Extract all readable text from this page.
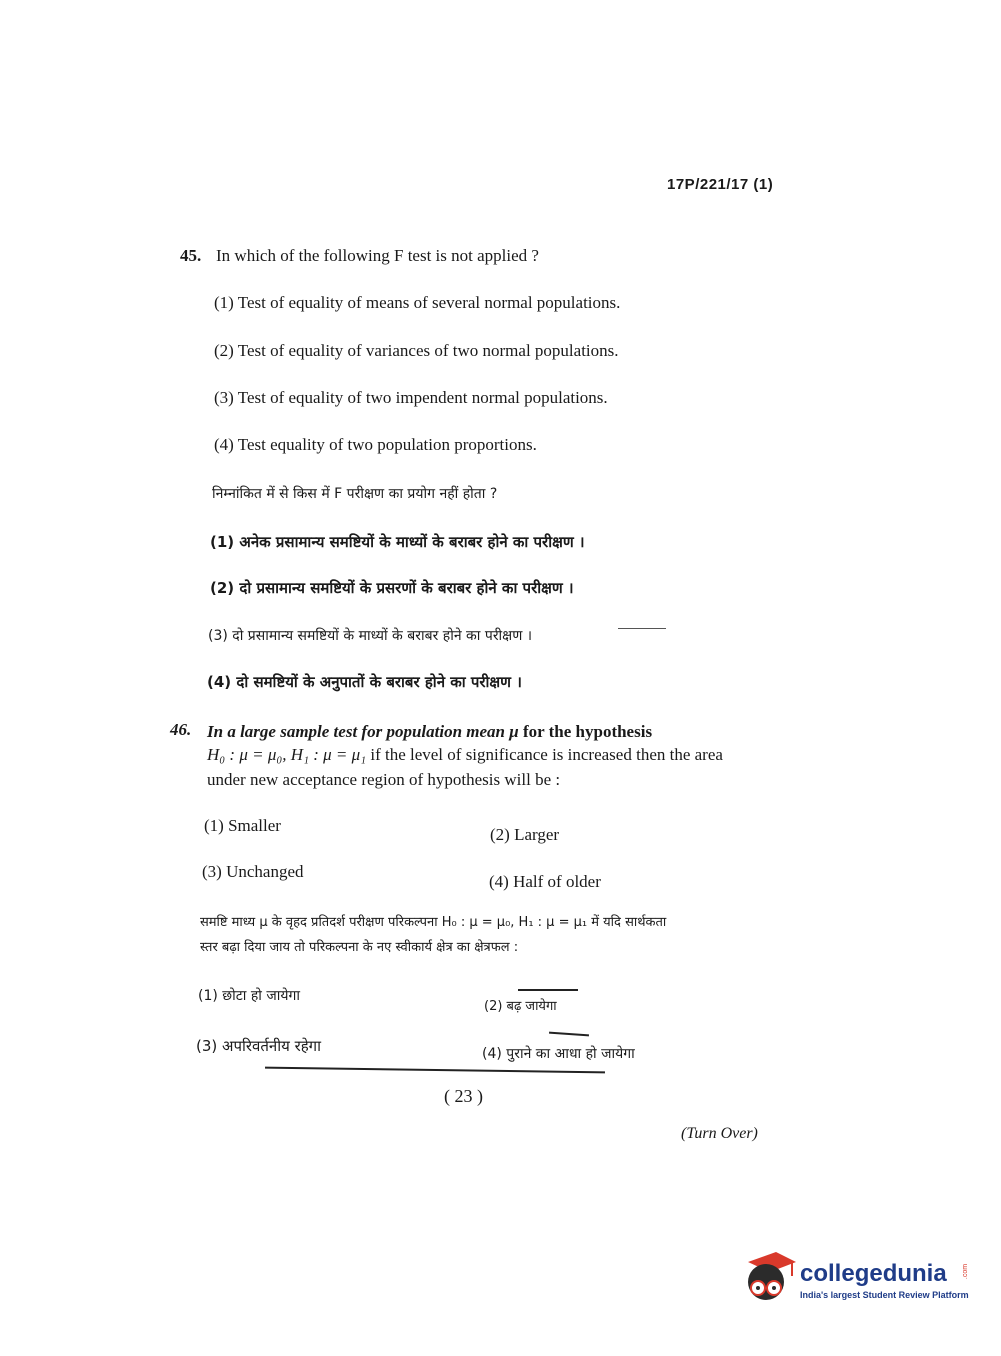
17P/221/17 (1)
45. In which of the following F test is not applied ?
(1) Test of equality of means of several normal populations.
(2) Test of equality of variances of two normal populations.
(3) Test of equality of two impendent normal populations.
(4) Test equality of two population proportions.
निम्नांकित में से किस में F परीक्षण का प्रयोग नहीं होता ?
(1) अनेक प्रसामान्य समष्टियों के माध्यों के बराबर होने का परीक्षण ।
(2) दो प्रसामान्य समष्टियों के प्रसरणों के बराबर होने का परीक्षण ।
(3) दो प्रसामान्य समष्टियों के माध्यों के बराबर होने का परीक्षण ।
(4) दो समष्टियों के अनुपातों के बराबर होने का परीक्षण ।
46. In a large sample test for population mean μ for the hypothesis
H₀ : μ = μ₀, H₁ : μ = μ₁ if the level of significance is increased then the area
under new acceptance region of hypothesis will be :
(1) Smaller	(2) Larger
(3) Unchanged
(4) Half of older
समष्टि माध्य μ के वृहद प्रतिदर्श परीक्षण परिकल्पना H₀ : μ = μ₀, H₁ : μ = μ₁ में यदि सार्थकता
स्तर बढ़ा दिया जाय तो परिकल्पना के नए स्वीकार्य क्षेत्र का क्षेत्रफल :
(1) छोटा हो जायेगा
(2) बढ़ जायेगा
(3) अपरिवर्तनीय रहेगा	(4) पुराने का आधा हो जायेगा
( 23 )
(Turn Over)
collegedunia .com
India's largest Student Review Platform
